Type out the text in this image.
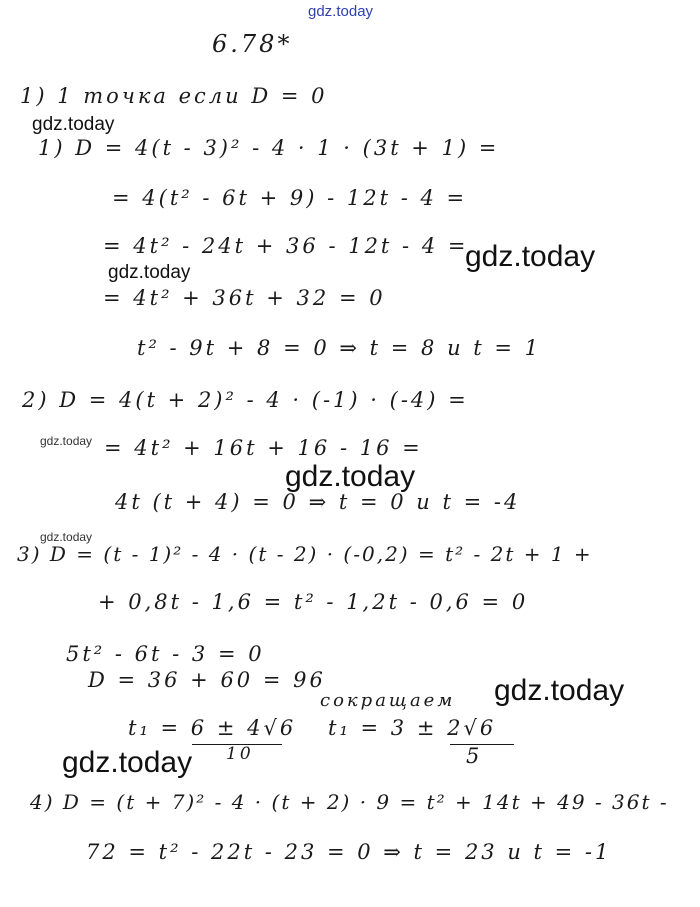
gdz.today
6.78*
1) 1 точка если D = 0
gdz.today
1) D = 4(t - 3)² - 4 · 1 · (3t + 1) =
= 4(t² - 6t + 9) - 12t - 4 =
= 4t² - 24t + 36 - 12t - 4 =
gdz.today
gdz.today
= 4t² + 36t + 32 = 0
t² - 9t + 8 = 0 ⇒ t = 8 и t = 1
2) D = 4(t + 2)² - 4 · (-1) · (-4) =
gdz.today = 4t² + 16t + 16 - 16 =
gdz.today
4t (t + 4) = 0 ⇒ t = 0 и t = -4
gdz.today
3) D = (t - 1)² - 4 · (t - 2) · (-0,2) = t² - 2t + 1 +
+ 0,8t - 1,6 = t² - 1,2t - 0,6 = 0
5t² - 6t - 3 = 0
D = 36 + 60 = 96
сокращаем gdz.today
t₁ = 6 ± 4√6
10
t₁ = 3 ± 2√6
5
gdz.today
4) D = (t + 7)² - 4 · (t + 2) · 9 = t² + 14t + 49 - 36t -
72 = t² - 22t - 23 = 0 ⇒ t = 23 и t = -1
